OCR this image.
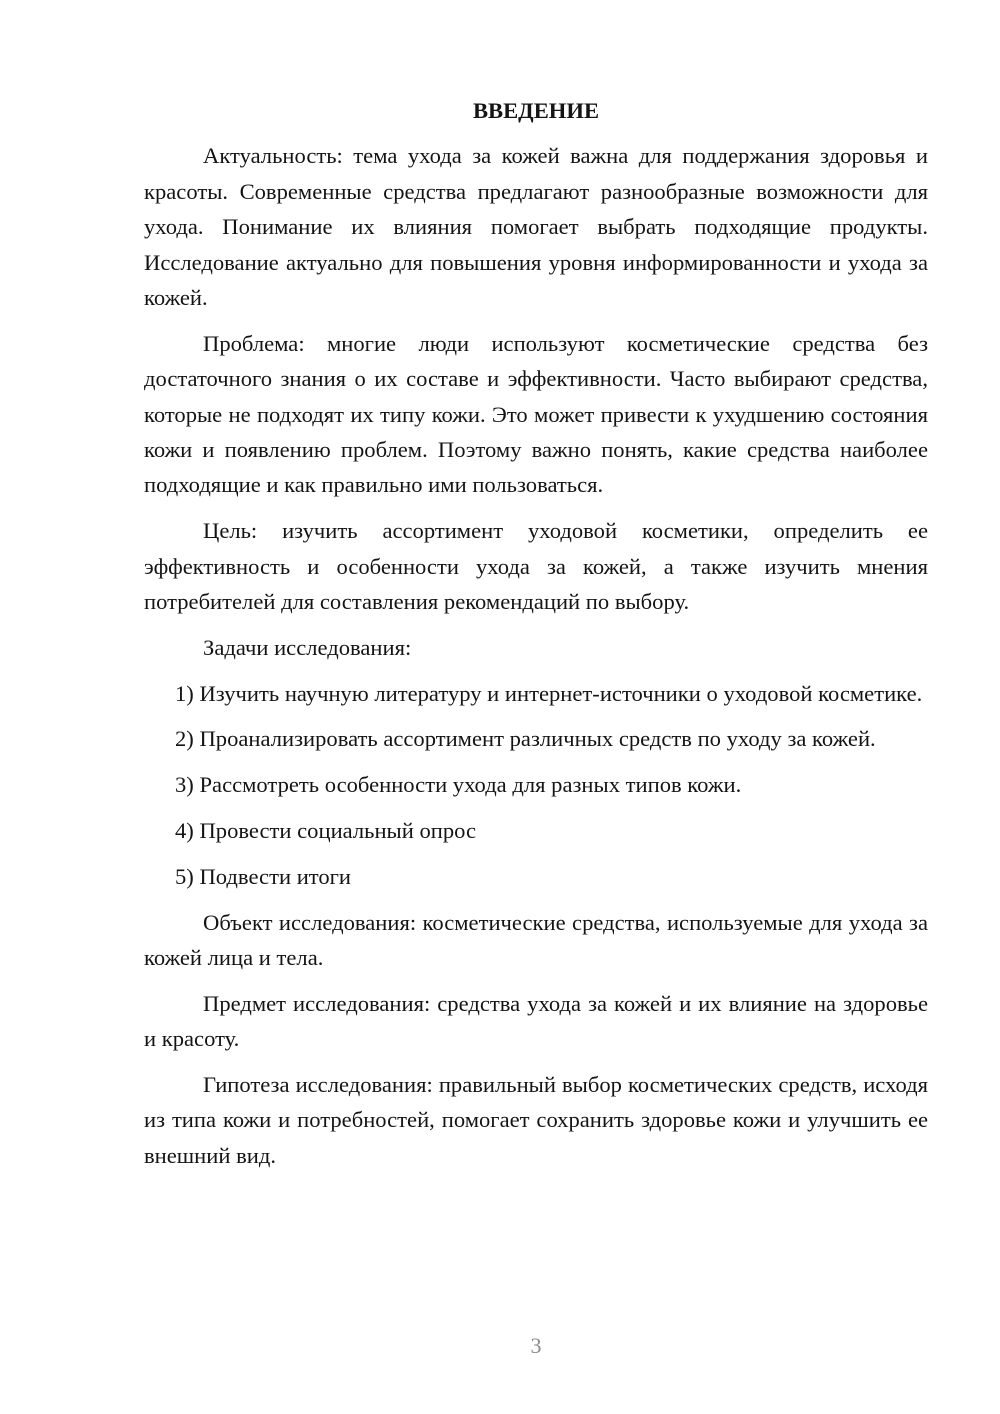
ВВЕДЕНИЕ

Актуальность: тема ухода за кожей важна для поддержания здоровья и красоты. Современные средства предлагают разнообразные возможности для ухода. Понимание их влияния помогает выбрать подходящие продукты. Исследование актуально для повышения уровня информированности и ухода за кожей.

Проблема: многие люди используют косметические средства без достаточного знания о их составе и эффективности. Часто выбирают средства, которые не подходят их типу кожи. Это может привести к ухудшению состояния кожи и появлению проблем. Поэтому важно понять, какие средства наиболее подходящие и как правильно ими пользоваться.

Цель: изучить ассортимент уходовой косметики, определить ее эффективность и особенности ухода за кожей, а также изучить мнения потребителей для составления рекомендаций по выбору.

Задачи исследования:

1) Изучить научную литературу и интернет-источники о уходовой косметике.

2) Проанализировать ассортимент различных средств по уходу за кожей.

3) Рассмотреть особенности ухода для разных типов кожи.

4) Провести социальный опрос

5) Подвести итоги

Объект исследования: косметические средства, используемые для ухода за кожей лица и тела.

Предмет исследования: средства ухода за кожей и их влияние на здоровье и красоту.

Гипотеза исследования: правильный выбор косметических средств, исходя из типа кожи и потребностей, помогает сохранить здоровье кожи и улучшить ее внешний вид.

3
